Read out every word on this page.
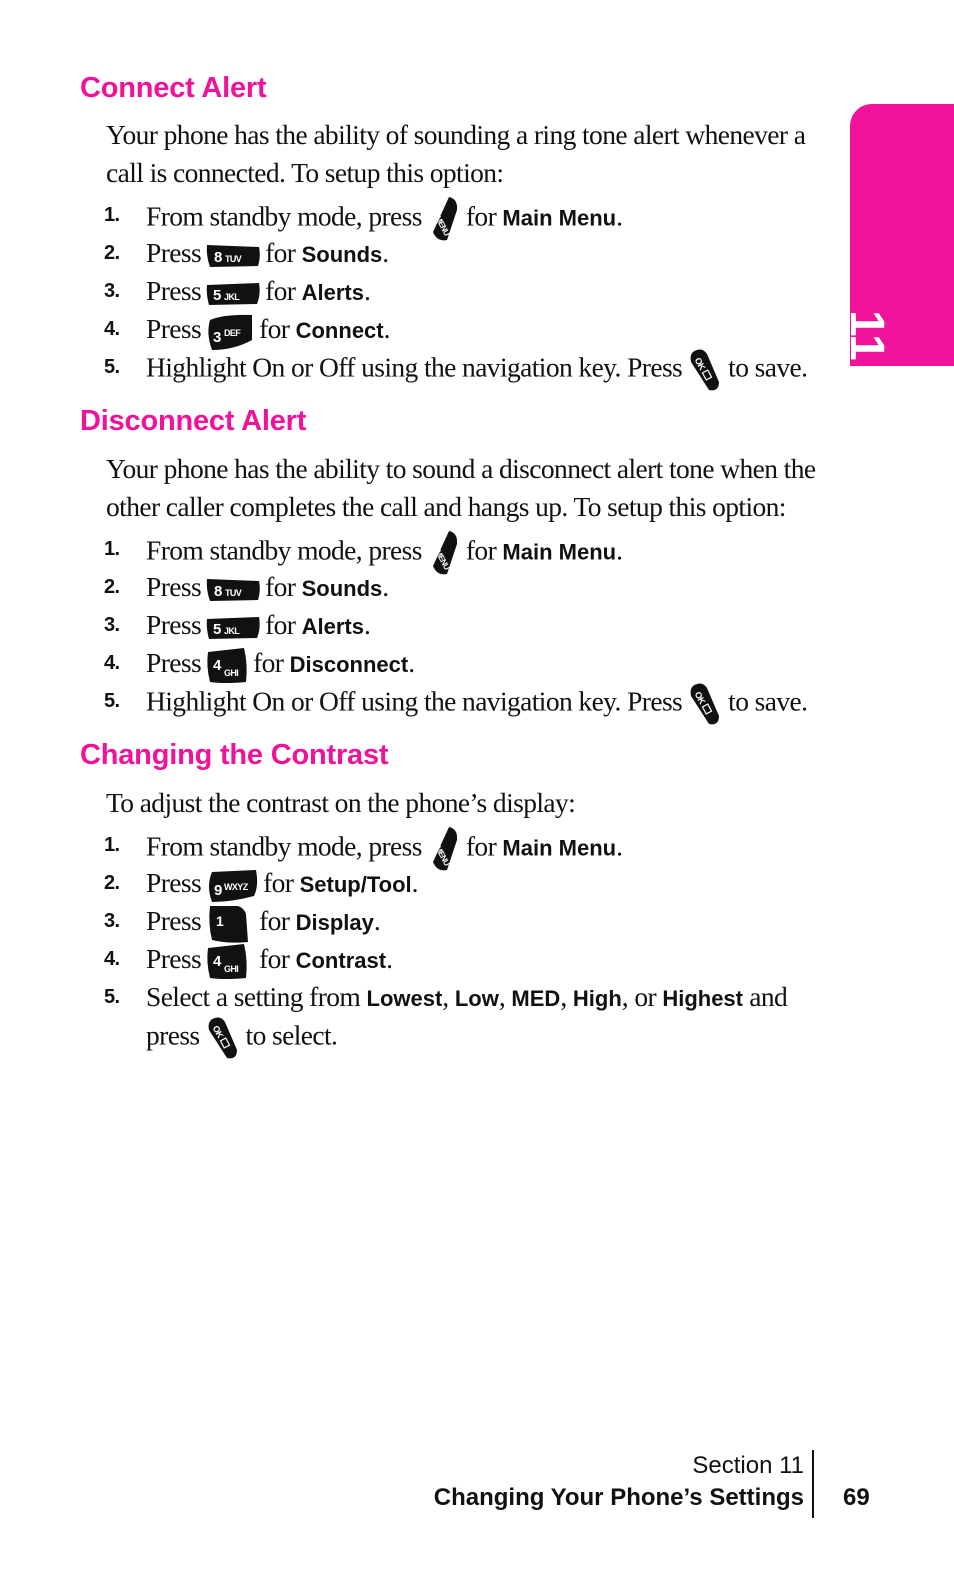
Changing Your
Phone’s Settings
11
Connect Alert

Your phone has the ability of sounding a ring tone alert whenever a call is connected. To setup this option:

1. From standby mode, press MENU for Main Menu.
2. Press 8 TUV for Sounds.
3. Press 5 JKL for Alerts.
4. Press 3 DEF for Connect.
5. Highlight On or Off using the navigation key. Press OK to save.
Disconnect Alert

Your phone has the ability to sound a disconnect alert tone when the other caller completes the call and hangs up. To setup this option:

1. From standby mode, press MENU for Main Menu.
2. Press 8 TUV for Sounds.
3. Press 5 JKL for Alerts.
4. Press 4 GHI for Disconnect.
5. Highlight On or Off using the navigation key. Press OK to save.
Changing the Contrast

To adjust the contrast on the phone’s display:

1. From standby mode, press MENU for Main Menu.
2. Press 9 WXYZ for Setup/Tool.
3. Press 1 for Display.
4. Press 4 GHI for Contrast.
5. Select a setting from Lowest, Low, MED, High, or Highest and
press OK to select.
Section 11
Changing Your Phone’s Settings 69
